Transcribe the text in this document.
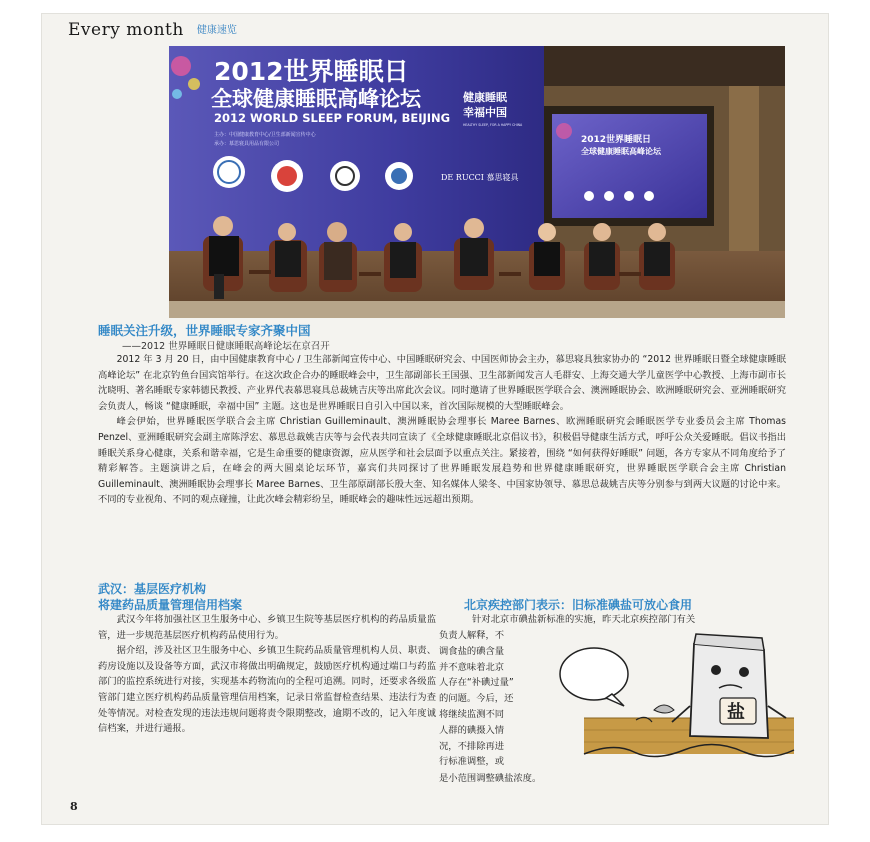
Every month 健康速览
2012世界睡眠日
全球健康睡眠高峰论坛
2012 WORLD SLEEP FORUM, BEIJING
健康睡眠
幸福中国
HEALTHY SLEEP, FOR A HAPPY CHINA
主办：中国健康教育中心/卫生部新闻宣传中心
承办：慕思寝具用品有限公司
DE RUCCI 慕思寝具
2012世界睡眠日
全球健康睡眠高峰论坛
睡眠关注升级，世界睡眠专家齐聚中国
——2012 世界睡眠日健康睡眠高峰论坛在京召开

2012 年 3 月 20 日，由中国健康教育中心 / 卫生部新闻宣传中心、中国睡眠研究会、中国医师协会主办，慕思寝具独家协办的 “2012 世界睡眠日暨全球健康睡眠高峰论坛” 在北京钓鱼台国宾馆举行。在这次政企合办的睡眠峰会中，卫生部副部长王国强、卫生部新闻发言人毛群安、上海交通大学儿童医学中心教授、上海市副市长沈晓明、著名睡眠专家韩德民教授、产业界代表慕思寝具总裁姚吉庆等出席此次会议。同时邀请了世界睡眠医学联合会、澳洲睡眠协会、欧洲睡眠研究会、亚洲睡眠研究会负责人，畅谈 “健康睡眠，幸福中国” 主题。这也是世界睡眠日自引入中国以来，首次国际规模的大型睡眠峰会。

峰会伊始，世界睡眠医学联合会主席 Christian Guilleminault、澳洲睡眠协会理事长 Maree Barnes、欧洲睡眠研究会睡眠医学专业委员会主席 Thomas Penzel、亚洲睡眠研究会副主席陈浮宏、慕思总裁姚吉庆等与会代表共同宣读了《全球健康睡眠北京倡议书》，积极倡导健康生活方式，呼吁公众关爱睡眠。倡议书指出睡眠关系身心健康，关系和谐幸福，它是生命重要的健康资源，应从医学和社会层面予以重点关注。紧接着，围绕 “如何获得好睡眠” 问题，各方专家从不同角度给予了精彩解答。主题演讲之后，在峰会的两大圆桌论坛环节，嘉宾们共同探讨了世界睡眠发展趋势和世界健康睡眠研究，世界睡眠医学联合会主席 Christian Guilleminault、澳洲睡眠协会理事长 Maree Barnes、卫生部原副部长殷大奎、知名媒体人梁冬、中国家协领导、慕思总裁姚吉庆等分别参与到两大议题的讨论中来。不同的专业视角、不同的观点碰撞，让此次峰会精彩纷呈，睡眠峰会的趣味性远远超出预期。

武汉：基层医疗机构
将建药品质量管理信用档案

武汉今年将加强社区卫生服务中心、乡镇卫生院等基层医疗机构的药品质量监管，进一步规范基层医疗机构药品使用行为。

据介绍，涉及社区卫生服务中心、乡镇卫生院药品质量管理机构人员、职责、药房设施以及设备等方面，武汉市将做出明确规定，鼓励医疗机构通过端口与药监部门的监控系统进行对接，实现基本药物流向的全程可追溯。同时，还要求各级监管部门建立医疗机构药品质量管理信用档案，记录日常监督检查结果、违法行为查处等情况。对检查发现的违法违规问题将责令限期整改，逾期不改的，记入年度诚信档案，并进行通报。

北京疾控部门表示：旧标准碘盐可放心食用
针对北京市碘盐新标准的实施，昨天北京疾控部门有关
负责人解释，不
调食盐的碘含量
并不意味着北京
人存在“补碘过量”
的问题。今后，还
将继续监测不同
人群的碘摄入情
况，不排除再进
行标准调整，或
是小范围调整碘盐浓度。
盐
8
